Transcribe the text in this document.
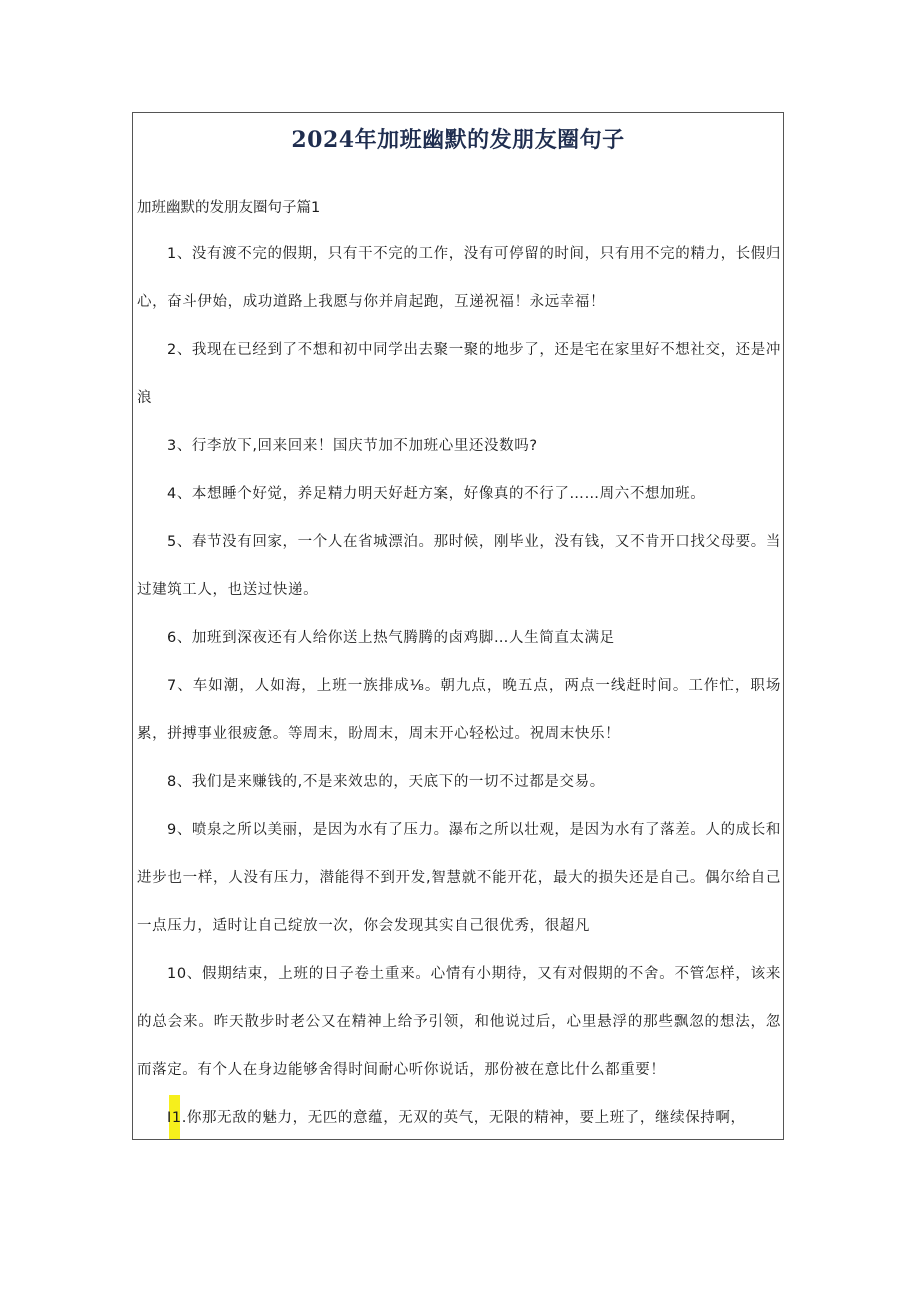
2024年加班幽默的发朋友圈句子

加班幽默的发朋友圈句子篇1

1、没有渡不完的假期，只有干不完的工作，没有可停留的时间，只有用不完的精力，长假归心，奋斗伊始，成功道路上我愿与你并肩起跑，互递祝福！永远幸福！

2、我现在已经到了不想和初中同学出去聚一聚的地步了，还是宅在家里好不想社交，还是冲浪

3、行李放下,回来回来！国庆节加不加班心里还没数吗?

4、本想睡个好觉，养足精力明天好赶方案，好像真的不行了……周六不想加班。

5、春节没有回家，一个人在省城漂泊。那时候，刚毕业，没有钱，又不肯开口找父母要。当过建筑工人，也送过快递。

6、加班到深夜还有人给你送上热气腾腾的卤鸡脚…人生简直太满足

7、车如潮，人如海，上班一族排成⅛。朝九点，晚五点，两点一线赶时间。工作忙，职场累，拼搏事业很疲惫。等周末，盼周末，周末开心轻松过。祝周末快乐！

8、我们是来赚钱的,不是来效忠的，天底下的一切不过都是交易。

9、喷泉之所以美丽，是因为水有了压力。瀑布之所以壮观，是因为水有了落差。人的成长和进步也一样，人没有压力，潜能得不到开发,智慧就不能开花，最大的损失还是自己。偶尔给自己一点压力，适时让自己绽放一次，你会发现其实自己很优秀，很超凡

10、假期结束，上班的日子卷土重来。心情有小期待，又有对假期的不舍。不管怎样，该来的总会来。昨天散步时老公又在精神上给予引领，和他说过后，心里悬浮的那些飘忽的想法，忽而落定。有个人在身边能够舍得时间耐心听你说话，那份被在意比什么都重要！

I1.你那无敌的魅力，无匹的意蕴，无双的英气，无限的精神，要上班了，继续保持啊，
